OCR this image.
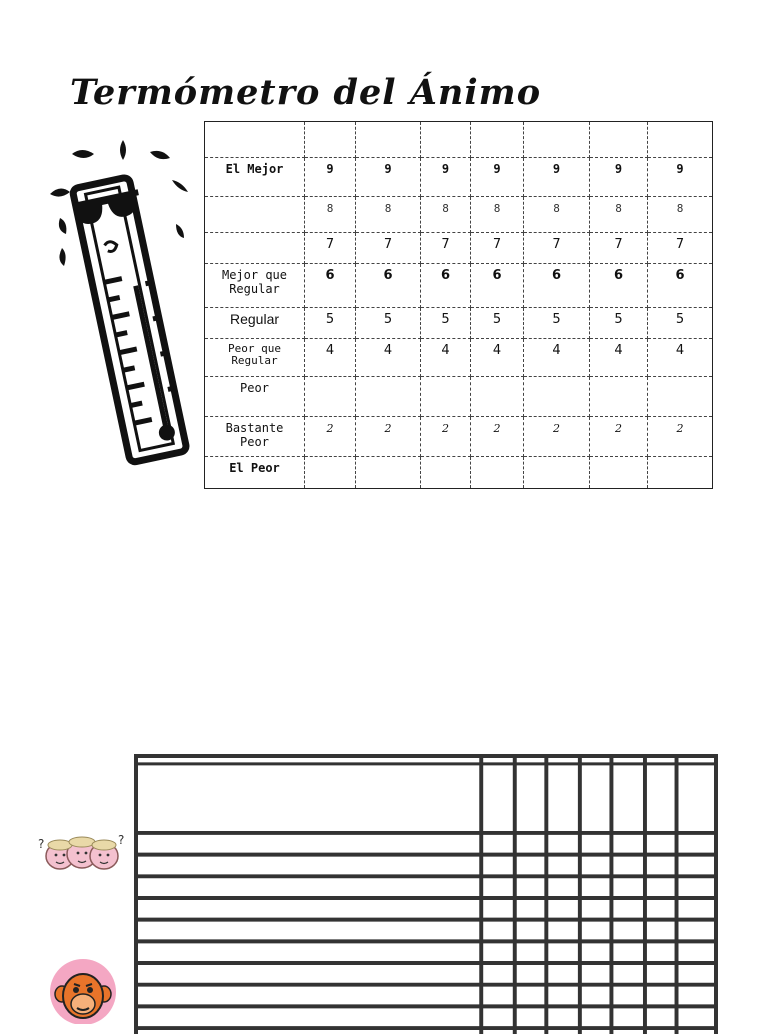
Termómetro del Ánimo

El Mejor	9	9	9	9	9	9	9

	8	8	8	8	8	8	8

	7	7	7	7	7	7	7

Mejor que Regular	6	6	6	6	6	6	6

Regular	5	5	5	5	5	5	5

Peor que Regular	4	4	4	4	4	4	4

Peor							

Bastante Peor	2	2	2	2	2	2	2

El Peor							

?	?
